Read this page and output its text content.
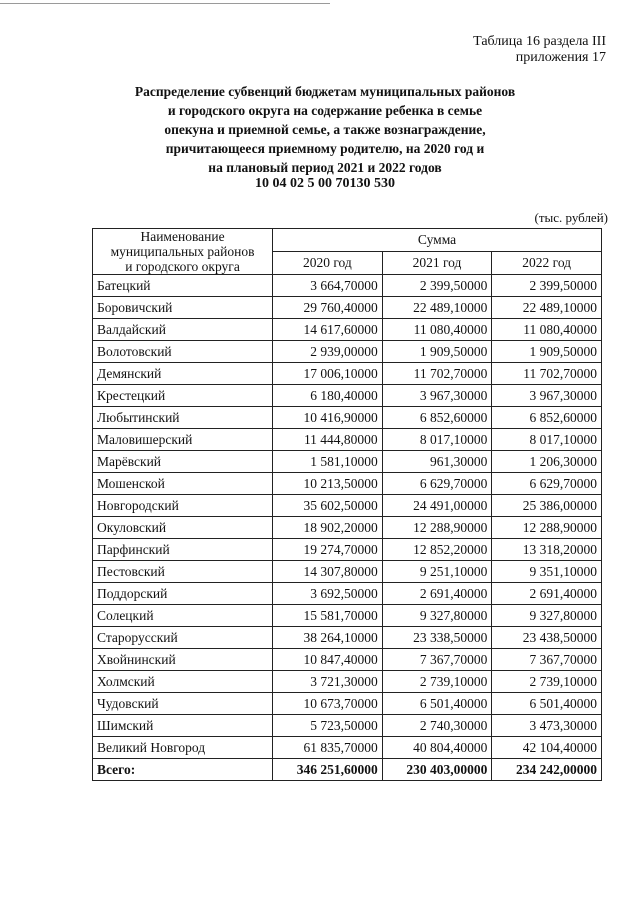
Таблица 16 раздела III
приложения 17
Распределение субвенций бюджетам муниципальных районов
и городского округа на содержание ребенка в семье
опекуна и приемной семье, а также вознаграждение,
причитающееся приемному родителю, на 2020 год и
на плановый период 2021 и 2022 годов
10 04 02 5 00 70130 530
(тыс. рублей)
Наименование
муниципальных районов
и городского округа	Сумма		
	2020 год	2021 год	2022 год
Батецкий	3 664,70000	2 399,50000	2 399,50000
Боровичский	29 760,40000	22 489,10000	22 489,10000
Валдайский	14 617,60000	11 080,40000	11 080,40000
Волотовский	2 939,00000	1 909,50000	1 909,50000
Демянский	17 006,10000	11 702,70000	11 702,70000
Крестецкий	6 180,40000	3 967,30000	3 967,30000
Любытинский	10 416,90000	6 852,60000	6 852,60000
Маловишерский	11 444,80000	8 017,10000	8 017,10000
Марёвский	1 581,10000	961,30000	1 206,30000
Мошенской	10 213,50000	6 629,70000	6 629,70000
Новгородский	35 602,50000	24 491,00000	25 386,00000
Окуловский	18 902,20000	12 288,90000	12 288,90000
Парфинский	19 274,70000	12 852,20000	13 318,20000
Пестовский	14 307,80000	9 251,10000	9 351,10000
Поддорский	3 692,50000	2 691,40000	2 691,40000
Солецкий	15 581,70000	9 327,80000	9 327,80000
Старорусский	38 264,10000	23 338,50000	23 438,50000
Хвойнинский	10 847,40000	7 367,70000	7 367,70000
Холмский	3 721,30000	2 739,10000	2 739,10000
Чудовский	10 673,70000	6 501,40000	6 501,40000
Шимский	5 723,50000	2 740,30000	3 473,30000
Великий Новгород	61 835,70000	40 804,40000	42 104,40000
Всего:	346 251,60000	230 403,00000	234 242,00000
